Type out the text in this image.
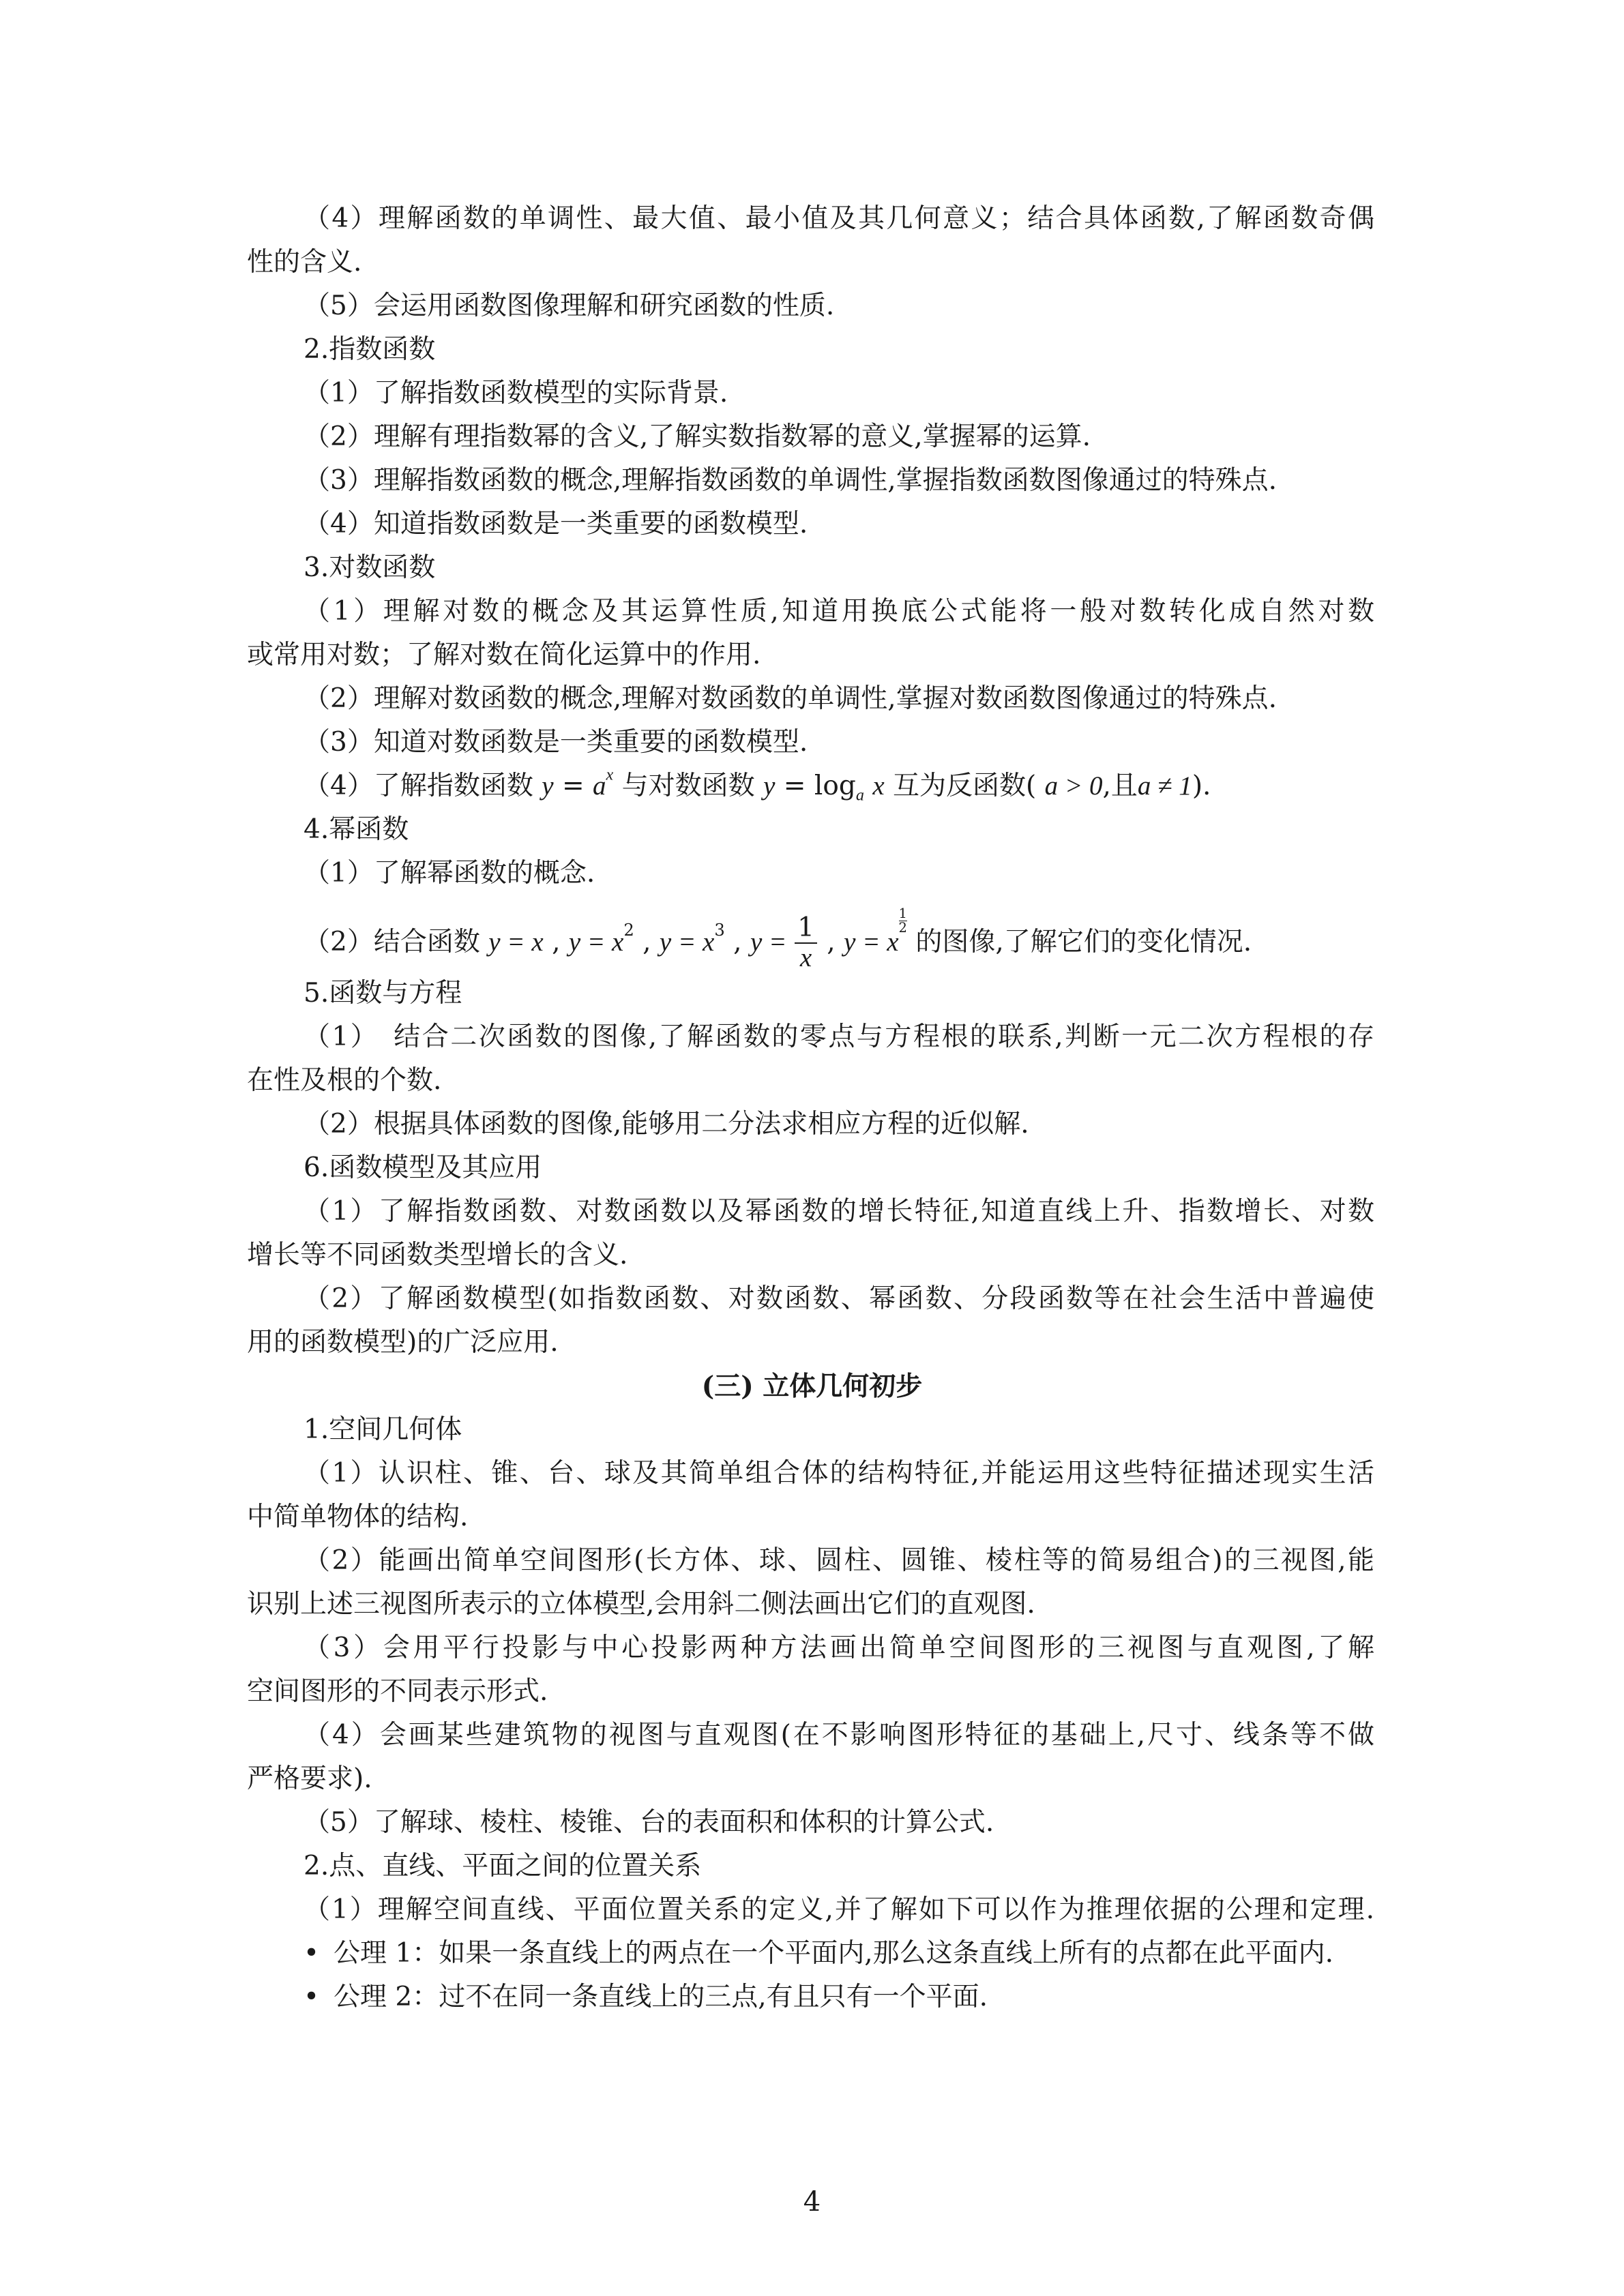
（4）理解函数的单调性、最大值、最小值及其几何意义；结合具体函数,了解函数奇偶
性的含义.
（5）会运用函数图像理解和研究函数的性质.
2.指数函数
（1）了解指数函数模型的实际背景.
（2）理解有理指数幂的含义,了解实数指数幂的意义,掌握幂的运算.
（3）理解指数函数的概念,理解指数函数的单调性,掌握指数函数图像通过的特殊点.
（4）知道指数函数是一类重要的函数模型.
3.对数函数
（1）理解对数的概念及其运算性质,知道用换底公式能将一般对数转化成自然对数
或常用对数；了解对数在简化运算中的作用.
（2）理解对数函数的概念,理解对数函数的单调性,掌握对数函数图像通过的特殊点.
（3）知道对数函数是一类重要的函数模型.
（4）了解指数函数 $y = a^x$ 与对数函数 $y = \log_a x$ 互为反函数( a > 0,且a ≠ 1).
4.幂函数
（1）了解幂函数的概念.
（2）结合函数 y = x , $y = x^2$ , $y = x^3$ , $y = \frac{1}{x}$ , y = x
$\frac{1}{2}$
的图像,了解它们的变化情况.
5.函数与方程
（1）　结合二次函数的图像,了解函数的零点与方程根的联系,判断一元二次方程根的存
在性及根的个数.
（2）根据具体函数的图像,能够用二分法求相应方程的近似解.
6.函数模型及其应用
（1）了解指数函数、对数函数以及幂函数的增长特征,知道直线上升、指数增长、对数
增长等不同函数类型增长的含义.
（2）了解函数模型(如指数函数、对数函数、幂函数、分段函数等在社会生活中普遍使
用的函数模型)的广泛应用.
(三) 立体几何初步
1.空间几何体
（1）认识柱、锥、台、球及其简单组合体的结构特征,并能运用这些特征描述现实生活
中简单物体的结构.
（2）能画出简单空间图形(长方体、球、圆柱、圆锥、棱柱等的简易组合)的三视图,能
识别上述三视图所表示的立体模型,会用斜二侧法画出它们的直观图.
（3）会用平行投影与中心投影两种方法画出简单空间图形的三视图与直观图,了解
空间图形的不同表示形式.
（4）会画某些建筑物的视图与直观图(在不影响图形特征的基础上,尺寸、线条等不做
严格要求).
（5）了解球、棱柱、棱锥、台的表面积和体积的计算公式.
2.点、直线、平面之间的位置关系
（1）理解空间直线、平面位置关系的定义,并了解如下可以作为推理依据的公理和定理.
• 公理 1：如果一条直线上的两点在一个平面内,那么这条直线上所有的点都在此平面内.
• 公理 2：过不在同一条直线上的三点,有且只有一个平面.
4
